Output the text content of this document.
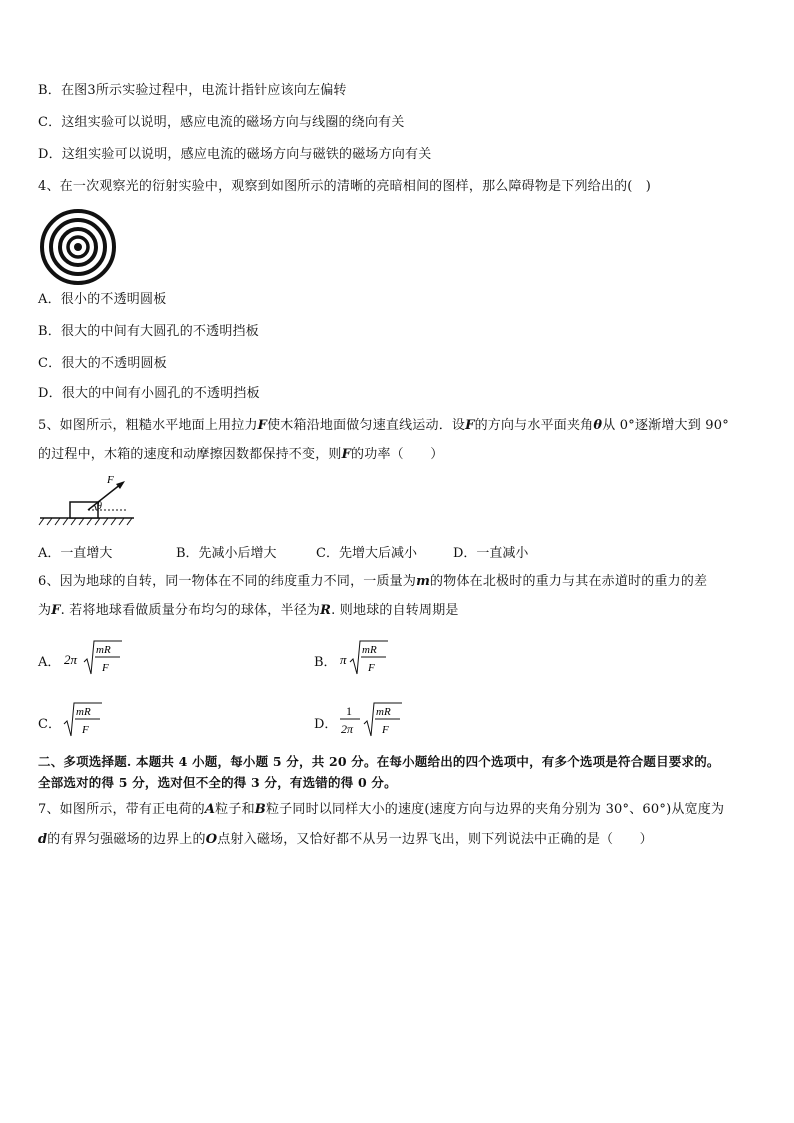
B．在图3所示实验过程中，电流计指针应该向左偏转
C．这组实验可以说明，感应电流的磁场方向与线圈的绕向有关
D．这组实验可以说明，感应电流的磁场方向与磁铁的磁场方向有关
4、在一次观察光的衍射实验中，观察到如图所示的清晰的亮暗相间的图样，那么障碍物是下列给出的(　)
A．很小的不透明圆板
B．很大的中间有大圆孔的不透明挡板
C．很大的不透明圆板
D．很大的中间有小圆孔的不透明挡板
5、如图所示，粗糙水平地面上用拉力F使木箱沿地面做匀速直线运动．设F的方向与水平面夹角θ从 0°逐渐增大到 90°
的过程中，木箱的速度和动摩擦因数都保持不变，则F的功率（　　）
F
θ
A．一直增大	B．先减小后增大	C．先增大后减小	D．一直减小
6、因为地球的自转，同一物体在不同的纬度重力不同，一质量为m的物体在北极时的重力与其在赤道时的重力的差
为F. 若将地球看做质量分布均匀的球体，半径为R. 则地球的自转周期是
A． 2π
mR
F	B． π
mR
F
C．
mR
F	D．
1
2π
mR
F
二、多项选择题. 本题共 4 小题，每小题 5 分，共 20 分。在每小题给出的四个选项中，有多个选项是符合题目要求的。
全部选对的得 5 分，选对但不全的得 3 分，有选错的得 0 分。
7、如图所示，带有正电荷的A粒子和B粒子同时以同样大小的速度(速度方向与边界的夹角分别为 30°、60°)从宽度为
d的有界匀强磁场的边界上的O点射入磁场，又恰好都不从另一边界飞出，则下列说法中正确的是（　　）
